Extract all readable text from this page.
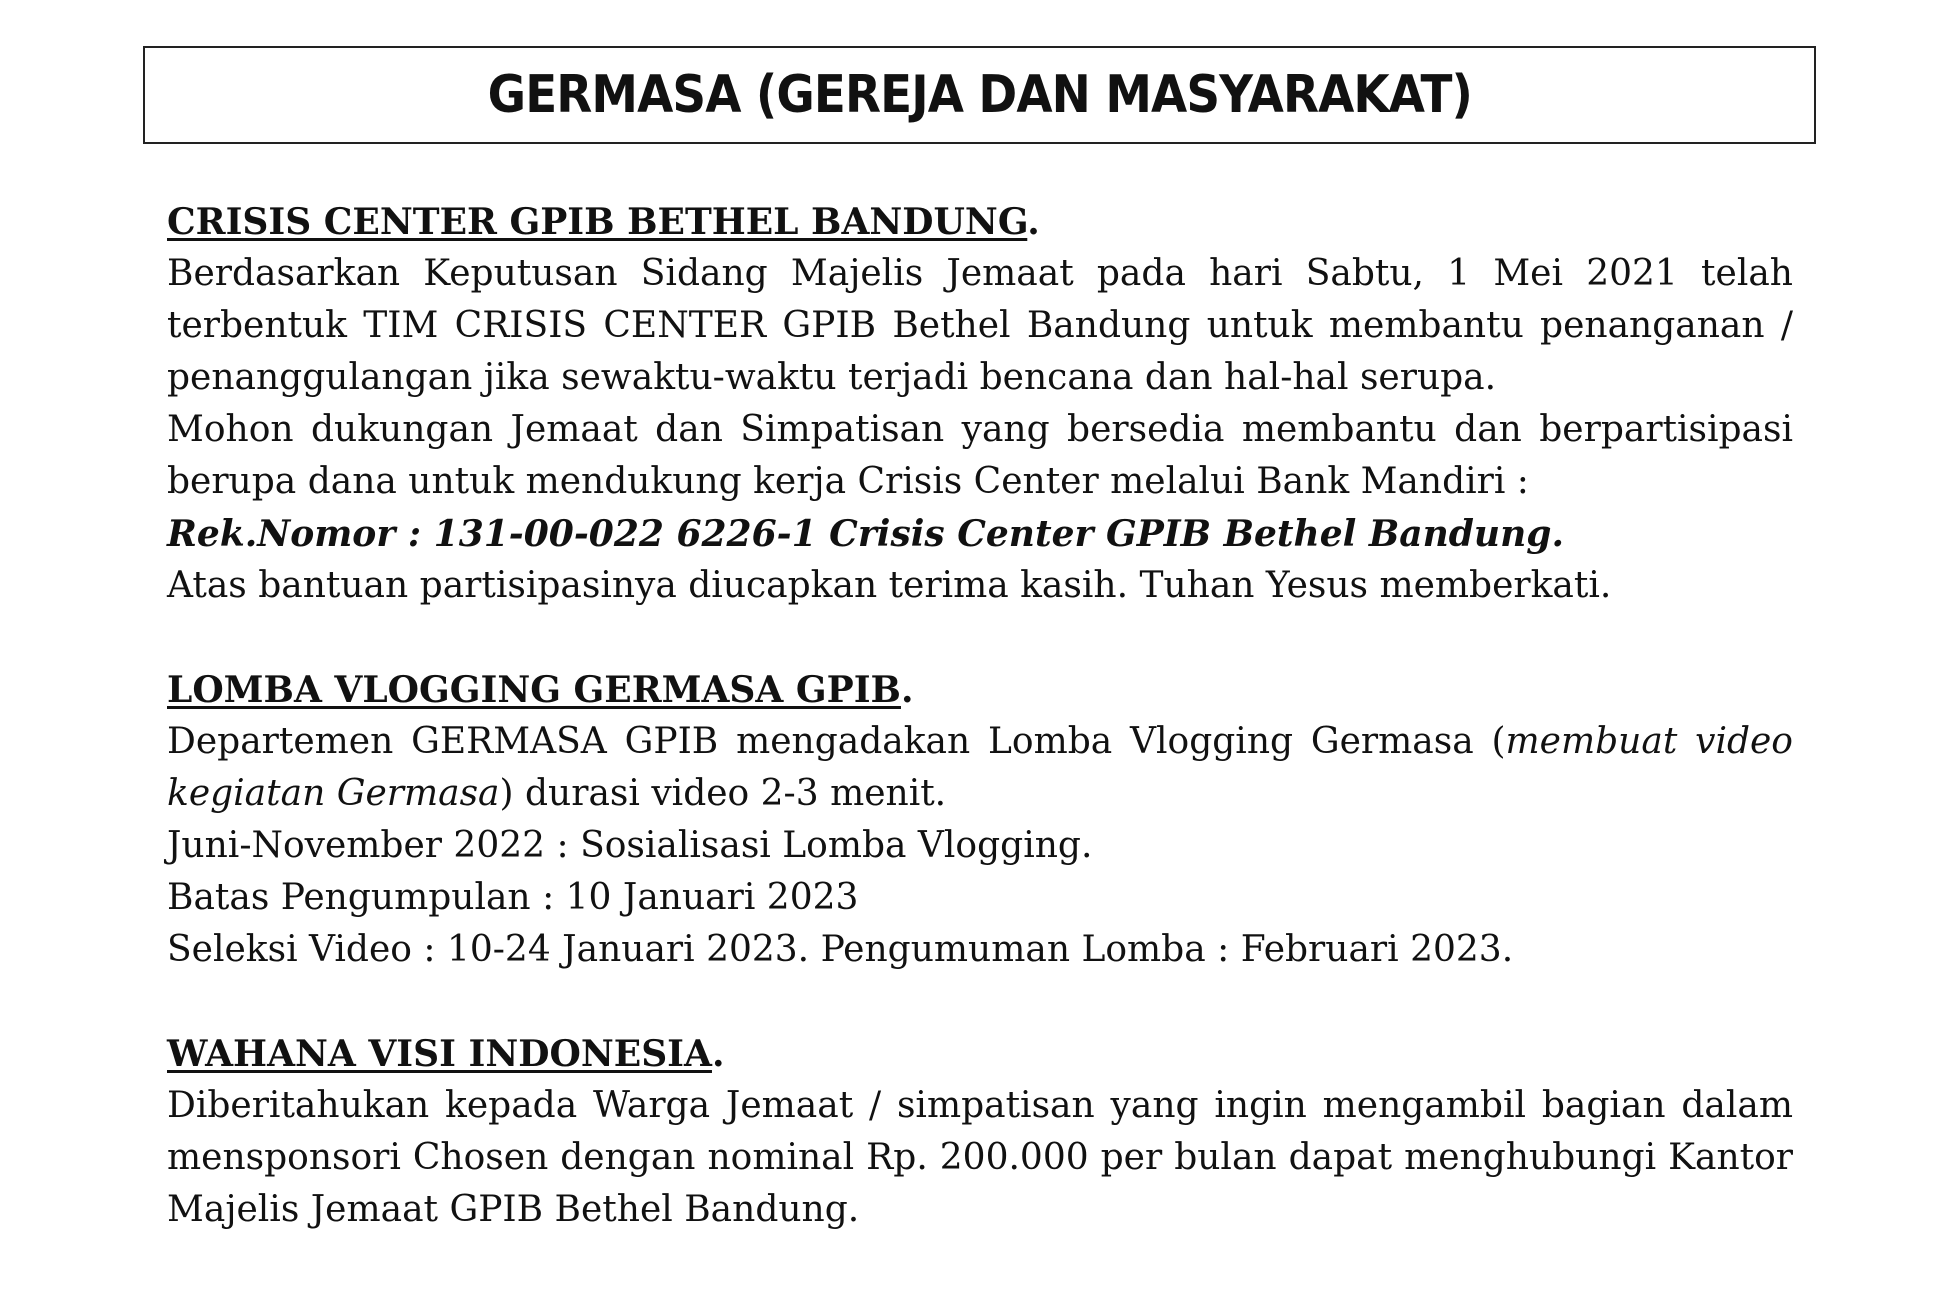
GERMASA (GEREJA DAN MASYARAKAT)
CRISIS CENTER GPIB BETHEL BANDUNG.
Berdasarkan Keputusan Sidang Majelis Jemaat pada hari Sabtu, 1 Mei 2021 telah terbentuk TIM CRISIS CENTER GPIB Bethel Bandung untuk membantu penanganan / penanggulangan jika sewaktu-waktu terjadi bencana dan hal-hal serupa.
Mohon dukungan Jemaat dan Simpatisan yang bersedia membantu dan berpartisipasi berupa dana untuk mendukung kerja Crisis Center melalui Bank Mandiri :
Rek.Nomor : 131-00-022 6226-1 Crisis Center GPIB Bethel Bandung.
Atas bantuan partisipasinya diucapkan terima kasih. Tuhan Yesus memberkati.
LOMBA VLOGGING GERMASA GPIB.
Departemen GERMASA GPIB mengadakan Lomba Vlogging Germasa (membuat video kegiatan Germasa) durasi video 2-3 menit.
Juni-November 2022 : Sosialisasi Lomba Vlogging.
Batas Pengumpulan : 10 Januari 2023
Seleksi Video : 10-24 Januari 2023. Pengumuman Lomba : Februari 2023.
WAHANA VISI INDONESIA.
Diberitahukan kepada Warga Jemaat / simpatisan yang ingin mengambil bagian dalam mensponsori Chosen dengan nominal Rp. 200.000 per bulan dapat menghubungi Kantor Majelis Jemaat GPIB Bethel Bandung.
